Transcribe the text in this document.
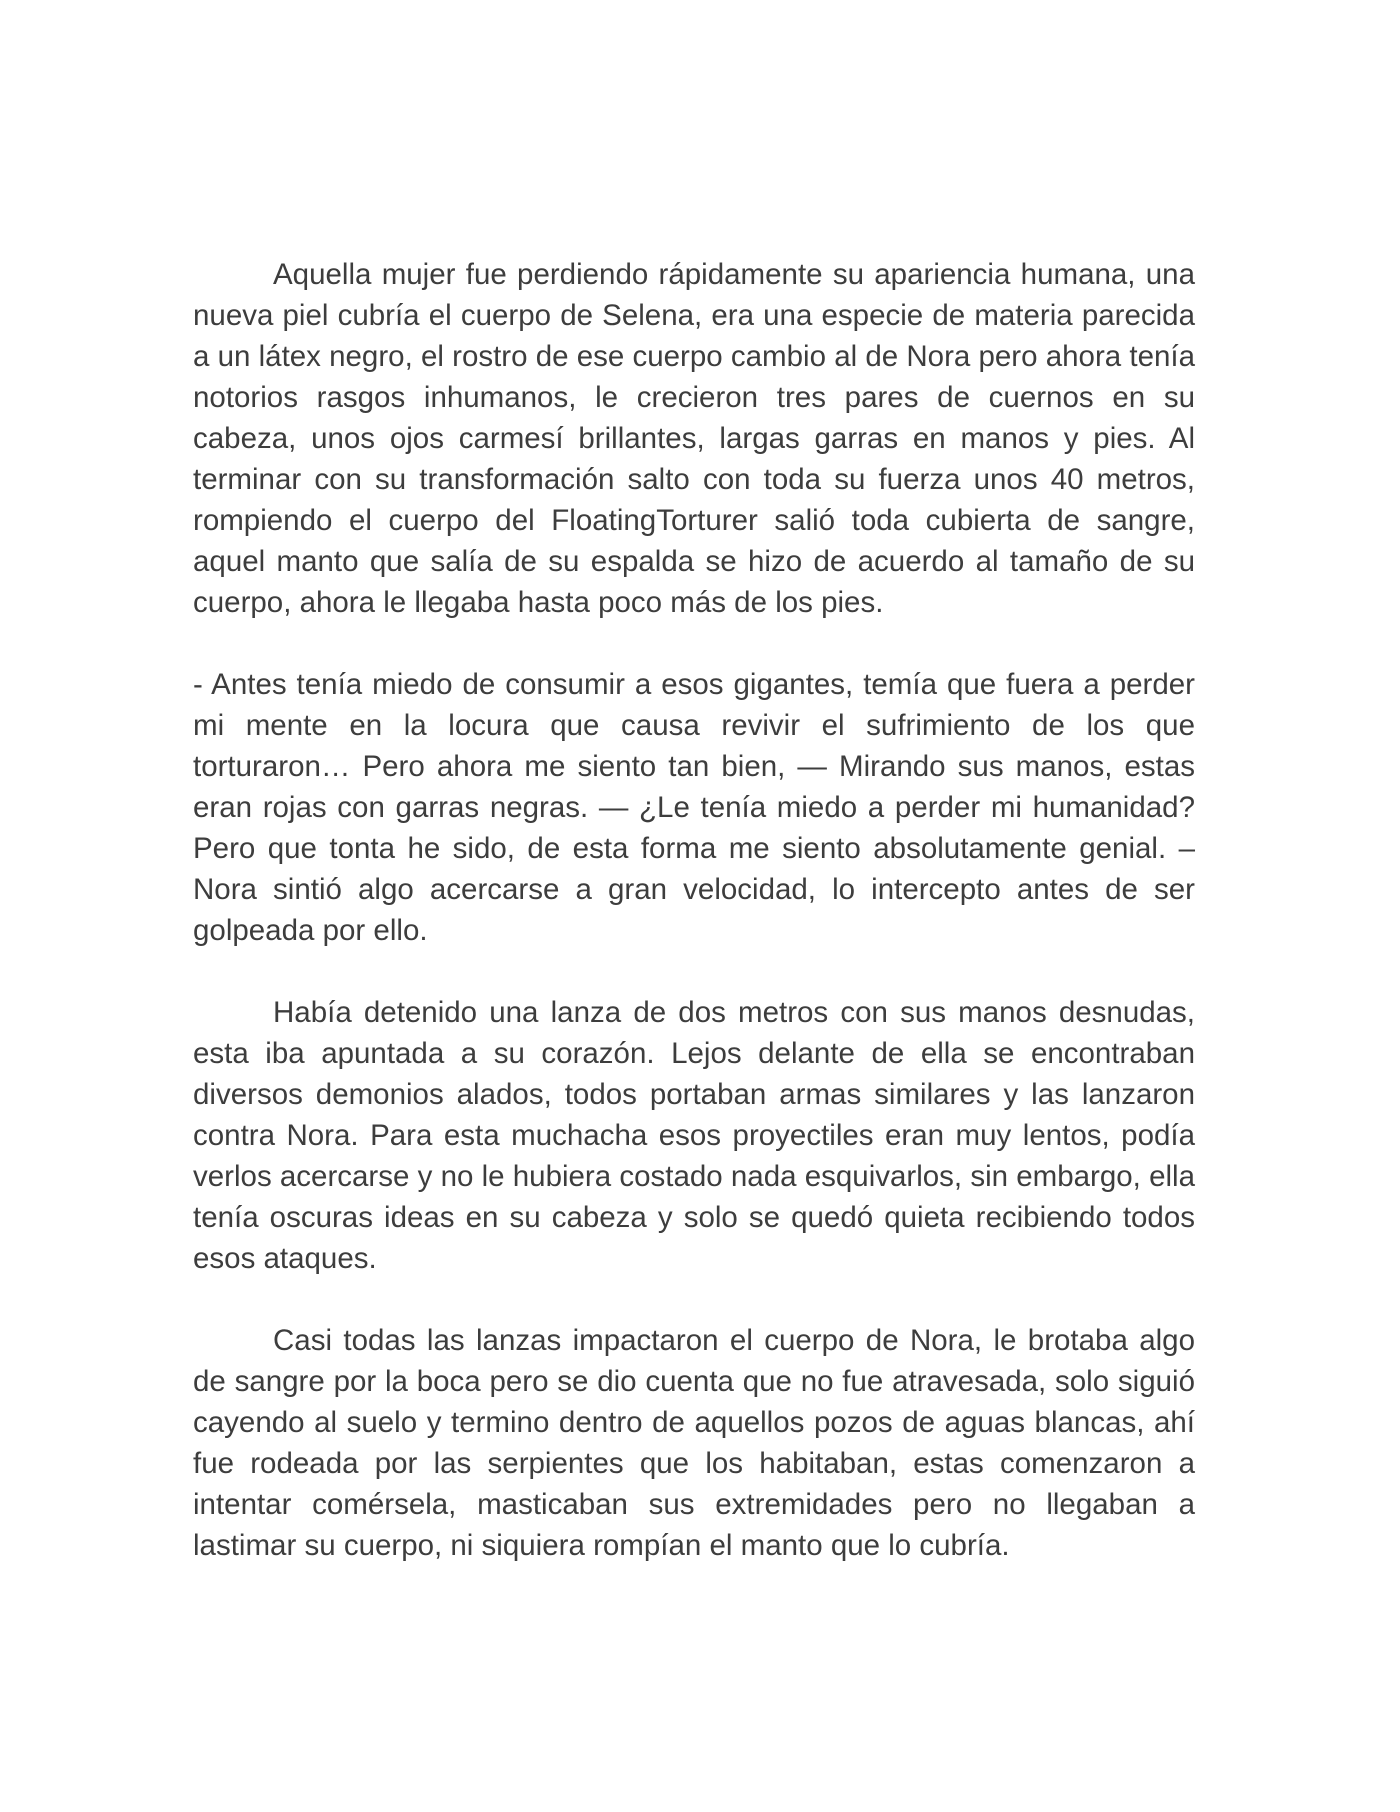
Aquella mujer fue perdiendo rápidamente su apariencia humana, una nueva piel cubría el cuerpo de Selena, era una especie de materia parecida a un látex negro, el rostro de ese cuerpo cambio al de Nora pero ahora tenía notorios rasgos inhumanos, le crecieron tres pares de cuernos en su cabeza, unos ojos carmesí brillantes, largas garras en manos y pies. Al terminar con su transformación salto con toda su fuerza unos 40 metros, rompiendo el cuerpo del FloatingTorturer salió toda cubierta de sangre, aquel manto que salía de su espalda se hizo de acuerdo al tamaño de su cuerpo, ahora le llegaba hasta poco más de los pies.

- Antes tenía miedo de consumir a esos gigantes, temía que fuera a perder mi mente en la locura que causa revivir el sufrimiento de los que torturaron… Pero ahora me siento tan bien, — Mirando sus manos, estas eran rojas con garras negras. — ¿Le tenía miedo a perder mi humanidad? Pero que tonta he sido, de esta forma me siento absolutamente genial. – Nora sintió algo acercarse a gran velocidad, lo intercepto antes de ser golpeada por ello.

Había detenido una lanza de dos metros con sus manos desnudas, esta iba apuntada a su corazón. Lejos delante de ella se encontraban diversos demonios alados, todos portaban armas similares y las lanzaron contra Nora. Para esta muchacha esos proyectiles eran muy lentos, podía verlos acercarse y no le hubiera costado nada esquivarlos, sin embargo, ella tenía oscuras ideas en su cabeza y solo se quedó quieta recibiendo todos esos ataques.

Casi todas las lanzas impactaron el cuerpo de Nora, le brotaba algo de sangre por la boca pero se dio cuenta que no fue atravesada, solo siguió cayendo al suelo y termino dentro de aquellos pozos de aguas blancas, ahí fue rodeada por las serpientes que los habitaban, estas comenzaron a intentar comérsela, masticaban sus extremidades pero no llegaban a lastimar su cuerpo, ni siquiera rompían el manto que lo cubría.
